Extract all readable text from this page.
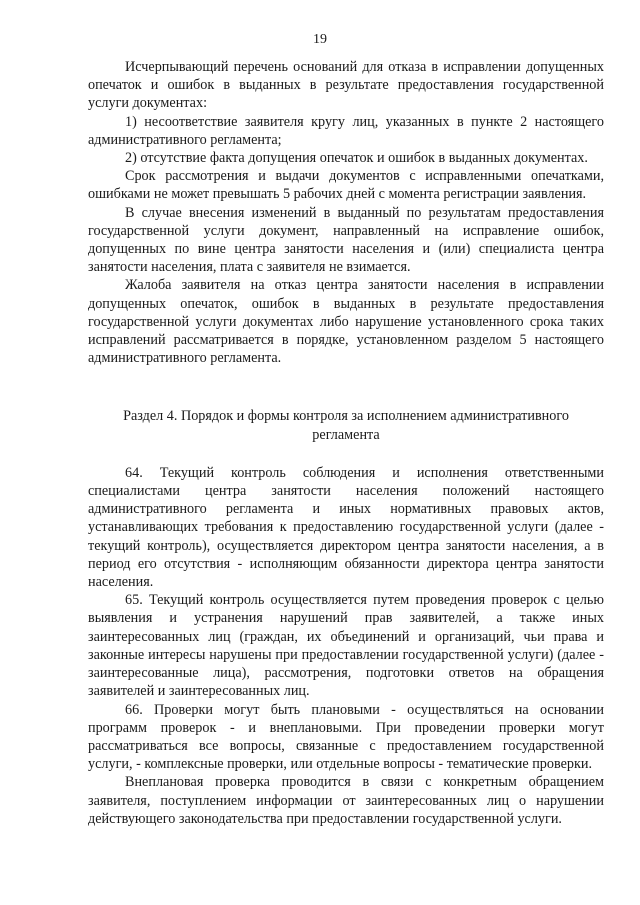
19

Исчерпывающий перечень оснований для отказа в исправлении допущенных опечаток и ошибок в выданных в результате предоставления государственной услуги документах:

1) несоответствие заявителя кругу лиц, указанных в пункте 2 настоящего административного регламента;

2) отсутствие факта допущения опечаток и ошибок в выданных документах.

Срок рассмотрения и выдачи документов с исправленными опечатками, ошибками не может превышать 5 рабочих дней с момента регистрации заявления.

В случае внесения изменений в выданный по результатам предоставления государственной услуги документ, направленный на исправление ошибок, допущенных по вине центра занятости населения и (или) специалиста центра занятости населения, плата с заявителя не взимается.

Жалоба заявителя на отказ центра занятости населения в исправлении допущенных опечаток, ошибок в выданных в результате предоставления государственной услуги документах либо нарушение установленного срока таких исправлений рассматривается в порядке, установленном разделом 5 настоящего административного регламента.

Раздел 4. Порядок и формы контроля за исполнением административного регламента

64. Текущий контроль соблюдения и исполнения ответственными специалистами центра занятости населения положений настоящего административного регламента и иных нормативных правовых актов, устанавливающих требования к предоставлению государственной услуги (далее - текущий контроль), осуществляется директором центра занятости населения, а в период его отсутствия - исполняющим обязанности директора центра занятости населения.

65. Текущий контроль осуществляется путем проведения проверок с целью выявления и устранения нарушений прав заявителей, а также иных заинтересованных лиц (граждан, их объединений и организаций, чьи права и законные интересы нарушены при предоставлении государственной услуги) (далее - заинтересованные лица), рассмотрения, подготовки ответов на обращения заявителей и заинтересованных лиц.

66. Проверки могут быть плановыми - осуществляться на основании программ проверок - и внеплановыми. При проведении проверки могут рассматриваться все вопросы, связанные с предоставлением государственной услуги, - комплексные проверки, или отдельные вопросы - тематические проверки.

Внеплановая проверка проводится в связи с конкретным обращением заявителя, поступлением информации от заинтересованных лиц о нарушении действующего законодательства при предоставлении государственной услуги.
